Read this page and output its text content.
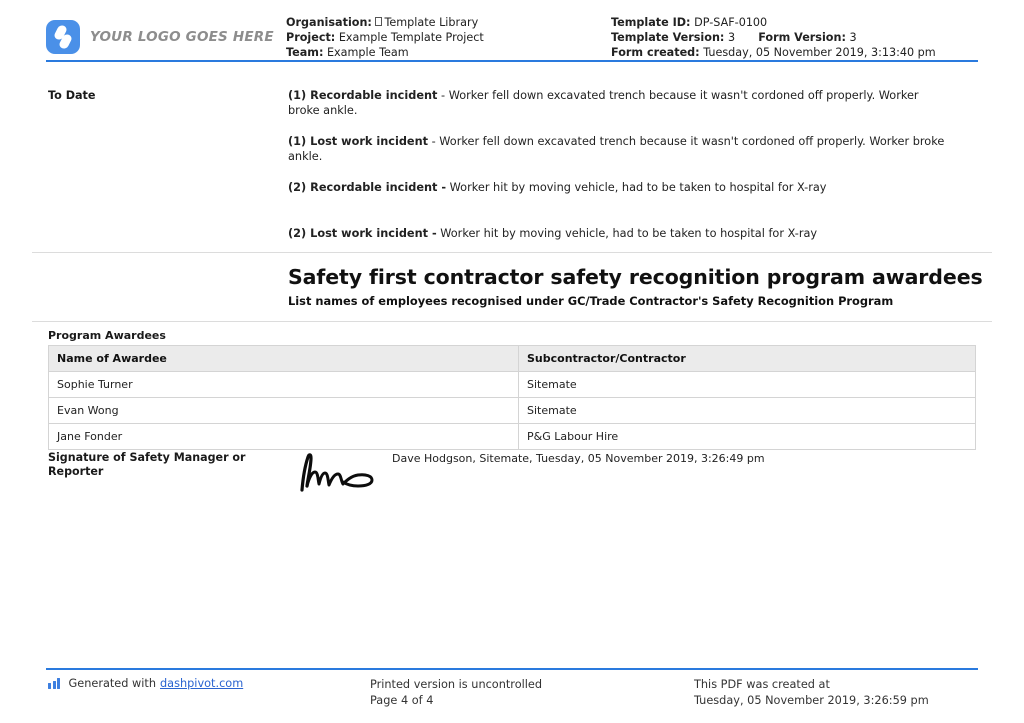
YOUR LOGO GOES HERE
Organisation: Template Library
Project: Example Template Project
Team: Example Team
Template ID: DP-SAF-0100
Template Version: 3 Form Version: 3
Form created: Tuesday, 05 November 2019, 3:13:40 pm
To Date	(1) Recordable incident - Worker fell down excavated trench because it wasn't cordoned off properly. Worker broke ankle.
(1) Lost work incident - Worker fell down excavated trench because it wasn't cordoned off properly. Worker broke ankle.
(2) Recordable incident - Worker hit by moving vehicle, had to be taken to hospital for X-ray
(2) Lost work incident - Worker hit by moving vehicle, had to be taken to hospital for X-ray
Safety first contractor safety recognition program awardees
List names of employees recognised under GC/Trade Contractor's Safety Recognition Program
Program Awardees
Name of Awardee	Subcontractor/Contractor
Sophie Turner	Sitemate
Evan Wong	Sitemate
Jane Fonder	P&G Labour Hire
Signature of Safety Manager or
Reporter
Dave Hodgson, Sitemate, Tuesday, 05 November 2019, 3:26:49 pm
Generated with dashpivot.com	Printed version is uncontrolled
Page 4 of 4
This PDF was created at
Tuesday, 05 November 2019, 3:26:59 pm
